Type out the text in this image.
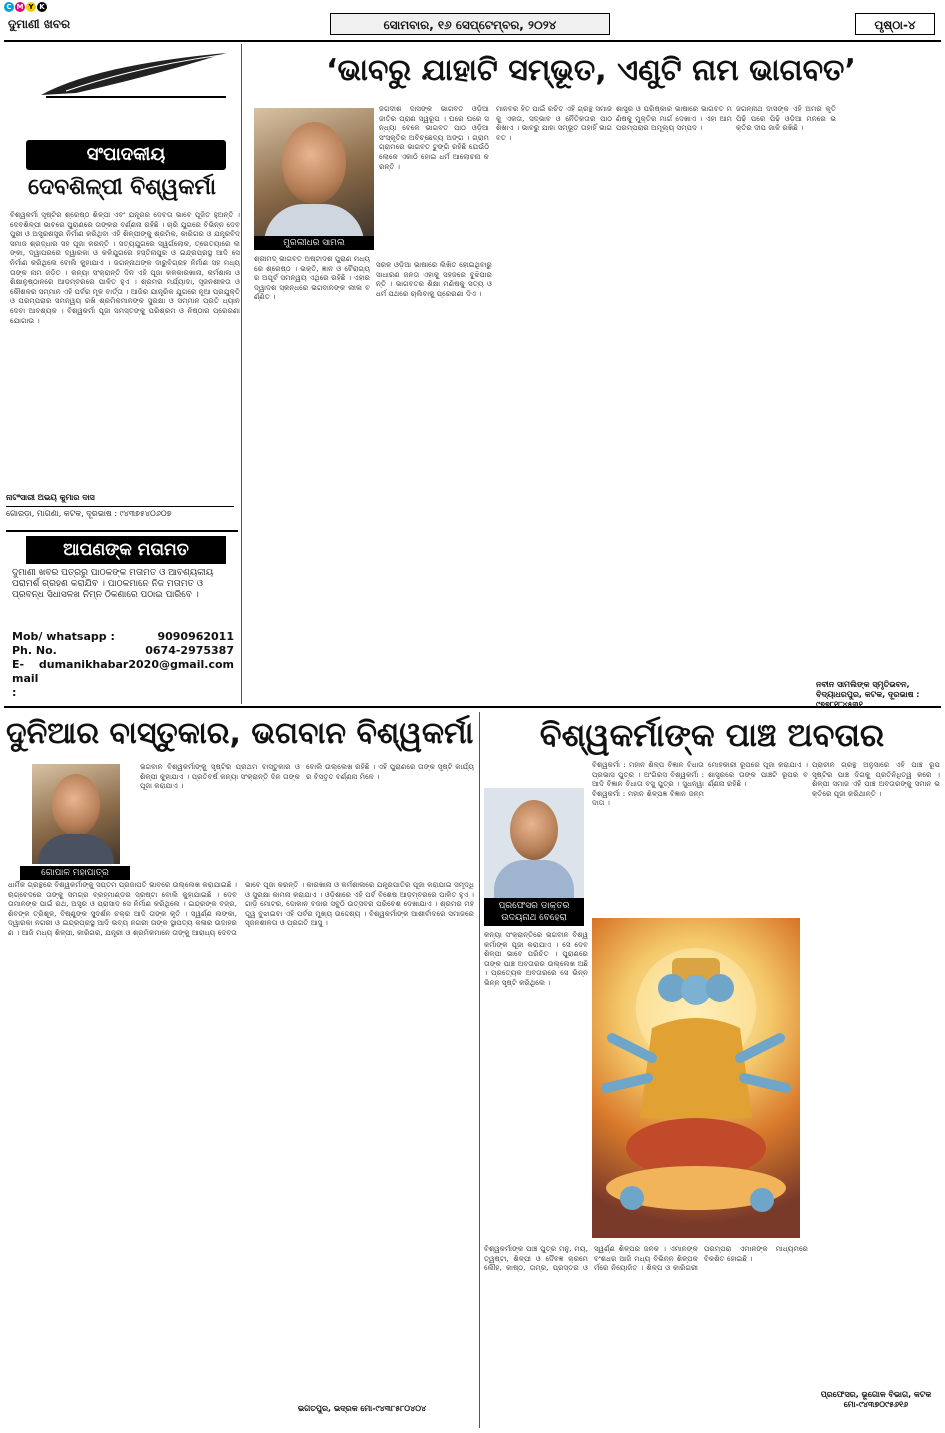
C M Y K
ଦୁମାଣୀ ଖବର	ସୋମବାର, ୧୬ ସେପ୍ଟେମ୍ବର, ୨୦୨୪	ପୃଷ୍ଠା-୪
ସଂପାଦକୀୟ
ଦେବଶିଳ୍ପୀ ବିଶ୍ୱକର୍ମା
ବିଶ୍ୱକର୍ମା ସୃଷ୍ଟିର ଶ୍ରେଷ୍ଠ ଶିଳ୍ପୀ ଏବଂ ଯନ୍ତ୍ରର ଦେବତା ଭାବେ ପୂଜିତ ହୁଅନ୍ତି । ଦେବଶିଳ୍ପୀ ଭାବରେ ପୁରାଣରେ ତାଙ୍କର ବର୍ଣ୍ଣନା ରହିଛି । ଚାରି ଯୁଗରେ ବିଭିନ୍ନ ଦେବପୁରୀ ଓ ଅସ୍ତ୍ରଶସ୍ତ୍ର ନିର୍ମାଣ କରିଥିବା ଏହି ଶିଳ୍ପୀଙ୍କୁ ଶ୍ରମିକ, କାରିଗର ଓ ଯନ୍ତ୍ରବିଦ୍ ସମାଜ ଶ୍ରଦ୍ଧାର ସହ ପୂଜା କରନ୍ତି । ସତ୍ୟଯୁଗରେ ସ୍ୱର୍ଗଲୋକ, ତ୍ରେତୟାରେ ଲଙ୍କା, ଦ୍ୱାପରରେ ଦ୍ୱାରକା ଓ କଳିଯୁଗରେ ହସ୍ତିନାପୁର ଓ ଇନ୍ଦ୍ରପ୍ରସ୍ଥ ଆଦି ସେ ନିର୍ମାଣ କରିଥିଲେ ବୋଲି କୁହାଯାଏ । ଜଗନ୍ନାଥଙ୍କ ଦାରୁବିଗ୍ରହ ନିର୍ମାଣ ସହ ମଧ୍ୟ ତାଙ୍କ ନାମ ଜଡ଼ିତ । କନ୍ୟା ସଂକ୍ରାନ୍ତି ଦିନ ଏହି ପୂଜା କଳକାରଖାନା, କର୍ମଶାଳା ଓ ଶିକ୍ଷାନୁଷ୍ଠାନରେ ଆଡ଼ମ୍ବରରେ ପାଳିତ ହୁଏ । ଶ୍ରମର ମର୍ଯ୍ୟାଦା, ସୃଜନଶୀଳତା ଓ କୌଶଳର ସମ୍ମାନ ଏହି ପର୍ବର ମୂଳ ବାର୍ତ୍ତା । ଆଜିର ଯାନ୍ତ୍ରିକ ଯୁଗରେ ନୂଆ ପ୍ରଯୁକ୍ତି ଓ ପରମ୍ପରାର ସମନ୍ୱୟ ରଖି ଶ୍ରମିକମାନଙ୍କ ସୁରକ୍ଷା ଓ ସମ୍ମାନ ପ୍ରତି ଧ୍ୟାନ ଦେବା ଆବଶ୍ୟକ । ବିଶ୍ୱକର୍ମା ପୂଜା ସମସ୍ତଙ୍କୁ ପରିଶ୍ରମ ଓ ନିଷ୍ଠାର ପ୍ରେରଣା ଯୋଗାଉ ।
ନାଟଂସାରୀ ଅଭୟ କୁମାର ଦାସ
ଗୋରଡ଼ା, ମାଗଣା, କଟକ, ଦୂରଭାଷ : ୯୪୩୭୫୪୦୬୦୭
ଆପଣଙ୍କ ମତାମତ
ଦୁମାଣୀ ଖବର ପତ୍ରରୁ ପାଠକଙ୍କ ମତାମତ ଓ ଆବଶ୍ୟକୀୟ ପରାମର୍ଶ ଗ୍ରହଣ କରାଯିବ । ପାଠକମାନେ ନିଜ ମତାମତ ଓ ପ୍ରବନ୍ଧ ସିଧାସଳଖ ନିମ୍ନ ଠିକଣାରେ ପଠାଇ ପାରିବେ ।
Mob/ whatsapp :	9090962011
Ph. No.	0674-2975387
E-mail :
dumanikhabar2020@gmail.com
‘ଭାବରୁ ଯାହାଟି ସମ୍ଭୂତ, ଏଣୁଟି ନାମ ଭାଗବତ’
ମୁରଲୀଧର ସାମଲ
ଜଗଦୀଶ ଦାସଙ୍କ ଭାଗବତ ଓଡ଼ିଆ ଜାତିର ପ୍ରାଣ ସ୍ୱରୂପ । ଘରେ ଘରେ ସନ୍ଧ୍ୟା ବେଳେ ଭାଗବତ ପାଠ ଓଡ଼ିଆ ସଂସ୍କୃତିର ଅବିଚ୍ଛେଦ୍ୟ ଅଙ୍ଗ । ଗ୍ରାମ ଗ୍ରାମରେ ଭାଗବତ ଟୁଙ୍ଗି ରହିଛି ଯେଉଁଠି ଲୋକେ ଏକାଠି ହୋଇ ଧର୍ମ ଆଲୋଚନା କରନ୍ତି ।
ଶ୍ରୀମଦ୍ ଭାଗବତ ଅଷ୍ଟାଦଶ ପୁରାଣ ମଧ୍ୟରେ ଶ୍ରେଷ୍ଠ । ଭକ୍ତି, ଜ୍ଞାନ ଓ ବୈରାଗ୍ୟର ଅପୂର୍ବ ସମନ୍ୱୟ ଏଥିରେ ରହିଛି । ଏହାର ଦ୍ୱାଦଶ ସ୍କନ୍ଧରେ ଭଗବାନଙ୍କ ଲୀଳା ବର୍ଣ୍ଣିତ ।
ସରଳ ଓଡ଼ିଆ ଭାଷାରେ ଲିଖିତ ହୋଇଥିବାରୁ ସାଧାରଣ ଜନତା ଏହାକୁ ସହଜରେ ବୁଝିପାରନ୍ତି । ଭାଗବତର ଶିକ୍ଷା ମଣିଷକୁ ସତ୍ୟ ଓ ଧର୍ମ ପଥରେ ଚାଲିବାକୁ ପ୍ରେରଣା ଦିଏ ।
ମାନବର ହିତ ପାଇଁ ରଚିତ ଏହି ଗ୍ରନ୍ଥ ସମାଜକୁ ଏକତା, ସଦ୍ଭାବ ଓ ନୈତିକତାର ପାଠ ଶିଖାଏ । ଭାବରୁ ଯାହା ସମ୍ଭୂତ ତାହାହିଁ ଭାଗବତ ।
ଶାସ୍ତ୍ର ଓ ପରିଷ୍କାର ଭାଷାରେ ଭାଗବତ ମଣିଷକୁ ମୁକ୍ତିର ମାର୍ଗ ଦେଖାଏ । ଏହା ଆମ ପରମ୍ପରାର ଅମୂଲ୍ୟ ସମ୍ପଦ ।
ଜଗନ୍ନାଥ ଦାସଙ୍କ ଏହି ଅମର କୃତି ପିଢ଼ି ପରେ ପିଢ଼ି ଓଡ଼ିଆ ମନରେ ଭକ୍ତିର ଦୀପ ଜାଳି ରଖିଛି ।
ନବୀନ ସାମଲିଙ୍କ ସ୍ମୃତିଭବନ, ବିଦ୍ୟାଧରପୁର, କଟକ, ଦୂରଭାଷ : ୯୭୭୮୧୮୪୫୩୧
ଦୁନିଆର ବାସ୍ତୁକାର, ଭଗବାନ ବିଶ୍ୱକର୍ମା
ଗୋପାଳ ମହାପାତ୍ର
ଭଗବାନ ବିଶ୍ୱକର୍ମାଙ୍କୁ ସୃଷ୍ଟିର ପ୍ରଥମ ବାସ୍ତୁକାର ଓ ଶିଳ୍ପୀ କୁହାଯାଏ । ପ୍ରତିବର୍ଷ କନ୍ୟା ସଂକ୍ରାନ୍ତି ଦିନ ତାଙ୍କ ପୂଜା କରାଯାଏ ।
ବୋଲି ଉଲ୍ଲେଖ ରହିଛି । ଏହି ପୁରାଣରେ ତାଙ୍କ ସୃଷ୍ଟି କାର୍ଯ୍ୟର ବିସ୍ତୃତ ବର୍ଣ୍ଣନା ମିଳେ ।
ଧାର୍ମିକ ଗ୍ରନ୍ଥରେ ବିଶ୍ୱକର୍ମାଙ୍କୁ ସପ୍ତମ ପ୍ରଜାପତି ଭାବରେ ଉଲ୍ଲେଖ କରାଯାଇଛି । ଋଗ୍‌ବେଦରେ ତାଙ୍କୁ ସମଗ୍ର ବ୍ରହ୍ମାଣ୍ଡର ସ୍ରଷ୍ଟା ବୋଲି କୁହାଯାଇଛି । ଦେବତାମାନଙ୍କ ପାଇଁ ରଥ, ଅସ୍ତ୍ର ଓ ପ୍ରାସାଦ ସେ ନିର୍ମାଣ କରିଥିଲେ । ଇନ୍ଦ୍ରଙ୍କ ବଜ୍ର, ଶିବଙ୍କ ତ୍ରିଶୂଳ, ବିଷ୍ଣୁଙ୍କ ସୁଦର୍ଶନ ଚକ୍ର ଆଦି ତାଙ୍କ କୃତି । ସ୍ୱର୍ଣ୍ଣ ଲଙ୍କା, ଦ୍ୱାରକା ନଗରୀ ଓ ଇନ୍ଦ୍ରପ୍ରସ୍ଥ ଆଦି ଭବ୍ୟ ନଗରୀ ତାଙ୍କ ସ୍ଥାପତ୍ୟ କଳାର ଉଦାହରଣ । ଆଜି ମଧ୍ୟ ଶିଳ୍ପୀ, କାରିଗର, ଯନ୍ତ୍ରୀ ଓ ଶ୍ରମିକମାନେ ତାଙ୍କୁ ଆରାଧ୍ୟ ଦେବତା ଭାବେ ପୂଜା କରନ୍ତି । କାରଖାନା ଓ କର୍ମଶାଳାରେ ଯନ୍ତ୍ରପାତିର ପୂଜା କରାଯାଇ ସମୃଦ୍ଧି ଓ ସୁରକ୍ଷା କାମନା କରାଯାଏ । ଓଡ଼ିଶାରେ ଏହି ପର୍ବ ବିଶେଷ ଆଡ଼ମ୍ବରରେ ପାଳିତ ହୁଏ । ଗାଡ଼ି ମୋଟର, ଦୋକାନ ବଜାର ସବୁଠି ଉତ୍ସବର ପରିବେଶ ଦେଖାଯାଏ । ଶ୍ରମର ମହତ୍ତ୍ୱ ବୁଝାଇବା ଏହି ପର୍ବର ମୁଖ୍ୟ ଉଦ୍ଦେଶ୍ୟ । ବିଶ୍ୱକର୍ମାଙ୍କ ଆଶୀର୍ବାଦରେ ସମାଜରେ ସୃଜନଶୀଳତା ଓ ପ୍ରଗତି ଆସୁ ।
ଭଗତପୁର, ଭଦ୍ରକ ମୋ-୯୪୩୮୫୮୦୪୦୪
ବିଶ୍ୱକର୍ମାଙ୍କ ପାଞ୍ଚ ଅବତାର
ପ୍ରଫେସର ଡାକ୍ତର ଉଦୟନାଥ ବେହେରା
ବିଶ୍ୱକର୍ମା : ମହାନ ଶିଳ୍ପ ବିଜ୍ଞାନ ବିଧାତା ପ୍ରଭାସ ପୁତ୍ର । ଅଂଗିରସ ବିଶ୍ୱକର୍ମା : ଆଦି ବିଜ୍ଞାନ ବିଧାତା ବସୁ ପୁତ୍ର । ସୁଧନ୍ୱା ବିଶ୍ୱକର୍ମା : ମହାନ ଶିଳ୍ପଜ୍ଞ ବିଜ୍ଞାନ ଜନ୍ମଦାତା ।
ମୋହକାରୀ ରୂପରେ ପୂଜା କରାଯାଏ । ଶାସ୍ତ୍ରରେ ତାଙ୍କ ପାଞ୍ଚଟି ରୂପର ବର୍ଣ୍ଣନା ରହିଛି ।
କନ୍ୟା ସଂକ୍ରାନ୍ତିରେ ଭଗବାନ ବିଶ୍ୱକର୍ମାଙ୍କ ପୂଜା କରାଯାଏ । ସେ ଦେବଶିଳ୍ପୀ ଭାବେ ପରିଚିତ । ପୁରାଣରେ ତାଙ୍କ ପାଞ୍ଚ ଅବତାରର ଉଲ୍ଲେଖ ଅଛି । ପ୍ରତ୍ୟେକ ଅବତାରରେ ସେ ଭିନ୍ନ ଭିନ୍ନ ସୃଷ୍ଟି କରିଥିଲେ ।
ପ୍ରାଚୀନ ଗ୍ରନ୍ଥ ଅନୁସାରେ ଏହି ପାଞ୍ଚ ରୂପ ସୃଷ୍ଟିର ପାଞ୍ଚ ଦିଗକୁ ପ୍ରତିନିଧିତ୍ୱ କରେ । ଶିଳ୍ପୀ ସମାଜ ଏହି ପାଞ୍ଚ ଅବତାରଙ୍କୁ ସମାନ ଭକ୍ତିରେ ପୂଜା କରିଥାନ୍ତି ।
ବିଶ୍ୱକର୍ମାଙ୍କ ପାଞ୍ଚ ପୁତ୍ର ମନୁ, ମୟ, ତ୍ୱଷ୍ଟା, ଶିଳ୍ପୀ ଓ ଦୈବଜ୍ଞ କ୍ରମେ ଲୌହ, କାଷ୍ଠ, ତାମ୍ର, ପ୍ରସ୍ତର ଓ ସ୍ୱର୍ଣ୍ଣ ଶିଳ୍ପର ଜନକ । ଏମାନଙ୍କ ବଂଶଧର ଆଜି ମଧ୍ୟ ବିଭିନ୍ନ ଶିଳ୍ପକର୍ମରେ ନିୟୋଜିତ । ଶିଳ୍ପ ଓ କାରିଗରୀ ପରମ୍ପରା ଏମାନଙ୍କ ମାଧ୍ୟମରେ ବିକଶିତ ହୋଇଛି ।
ପ୍ରଫେସର, ଭୂଗୋଳ ବିଭାଗ, କଟକ ମୋ-୯୪୩୭୦୯୫୬୧୬
